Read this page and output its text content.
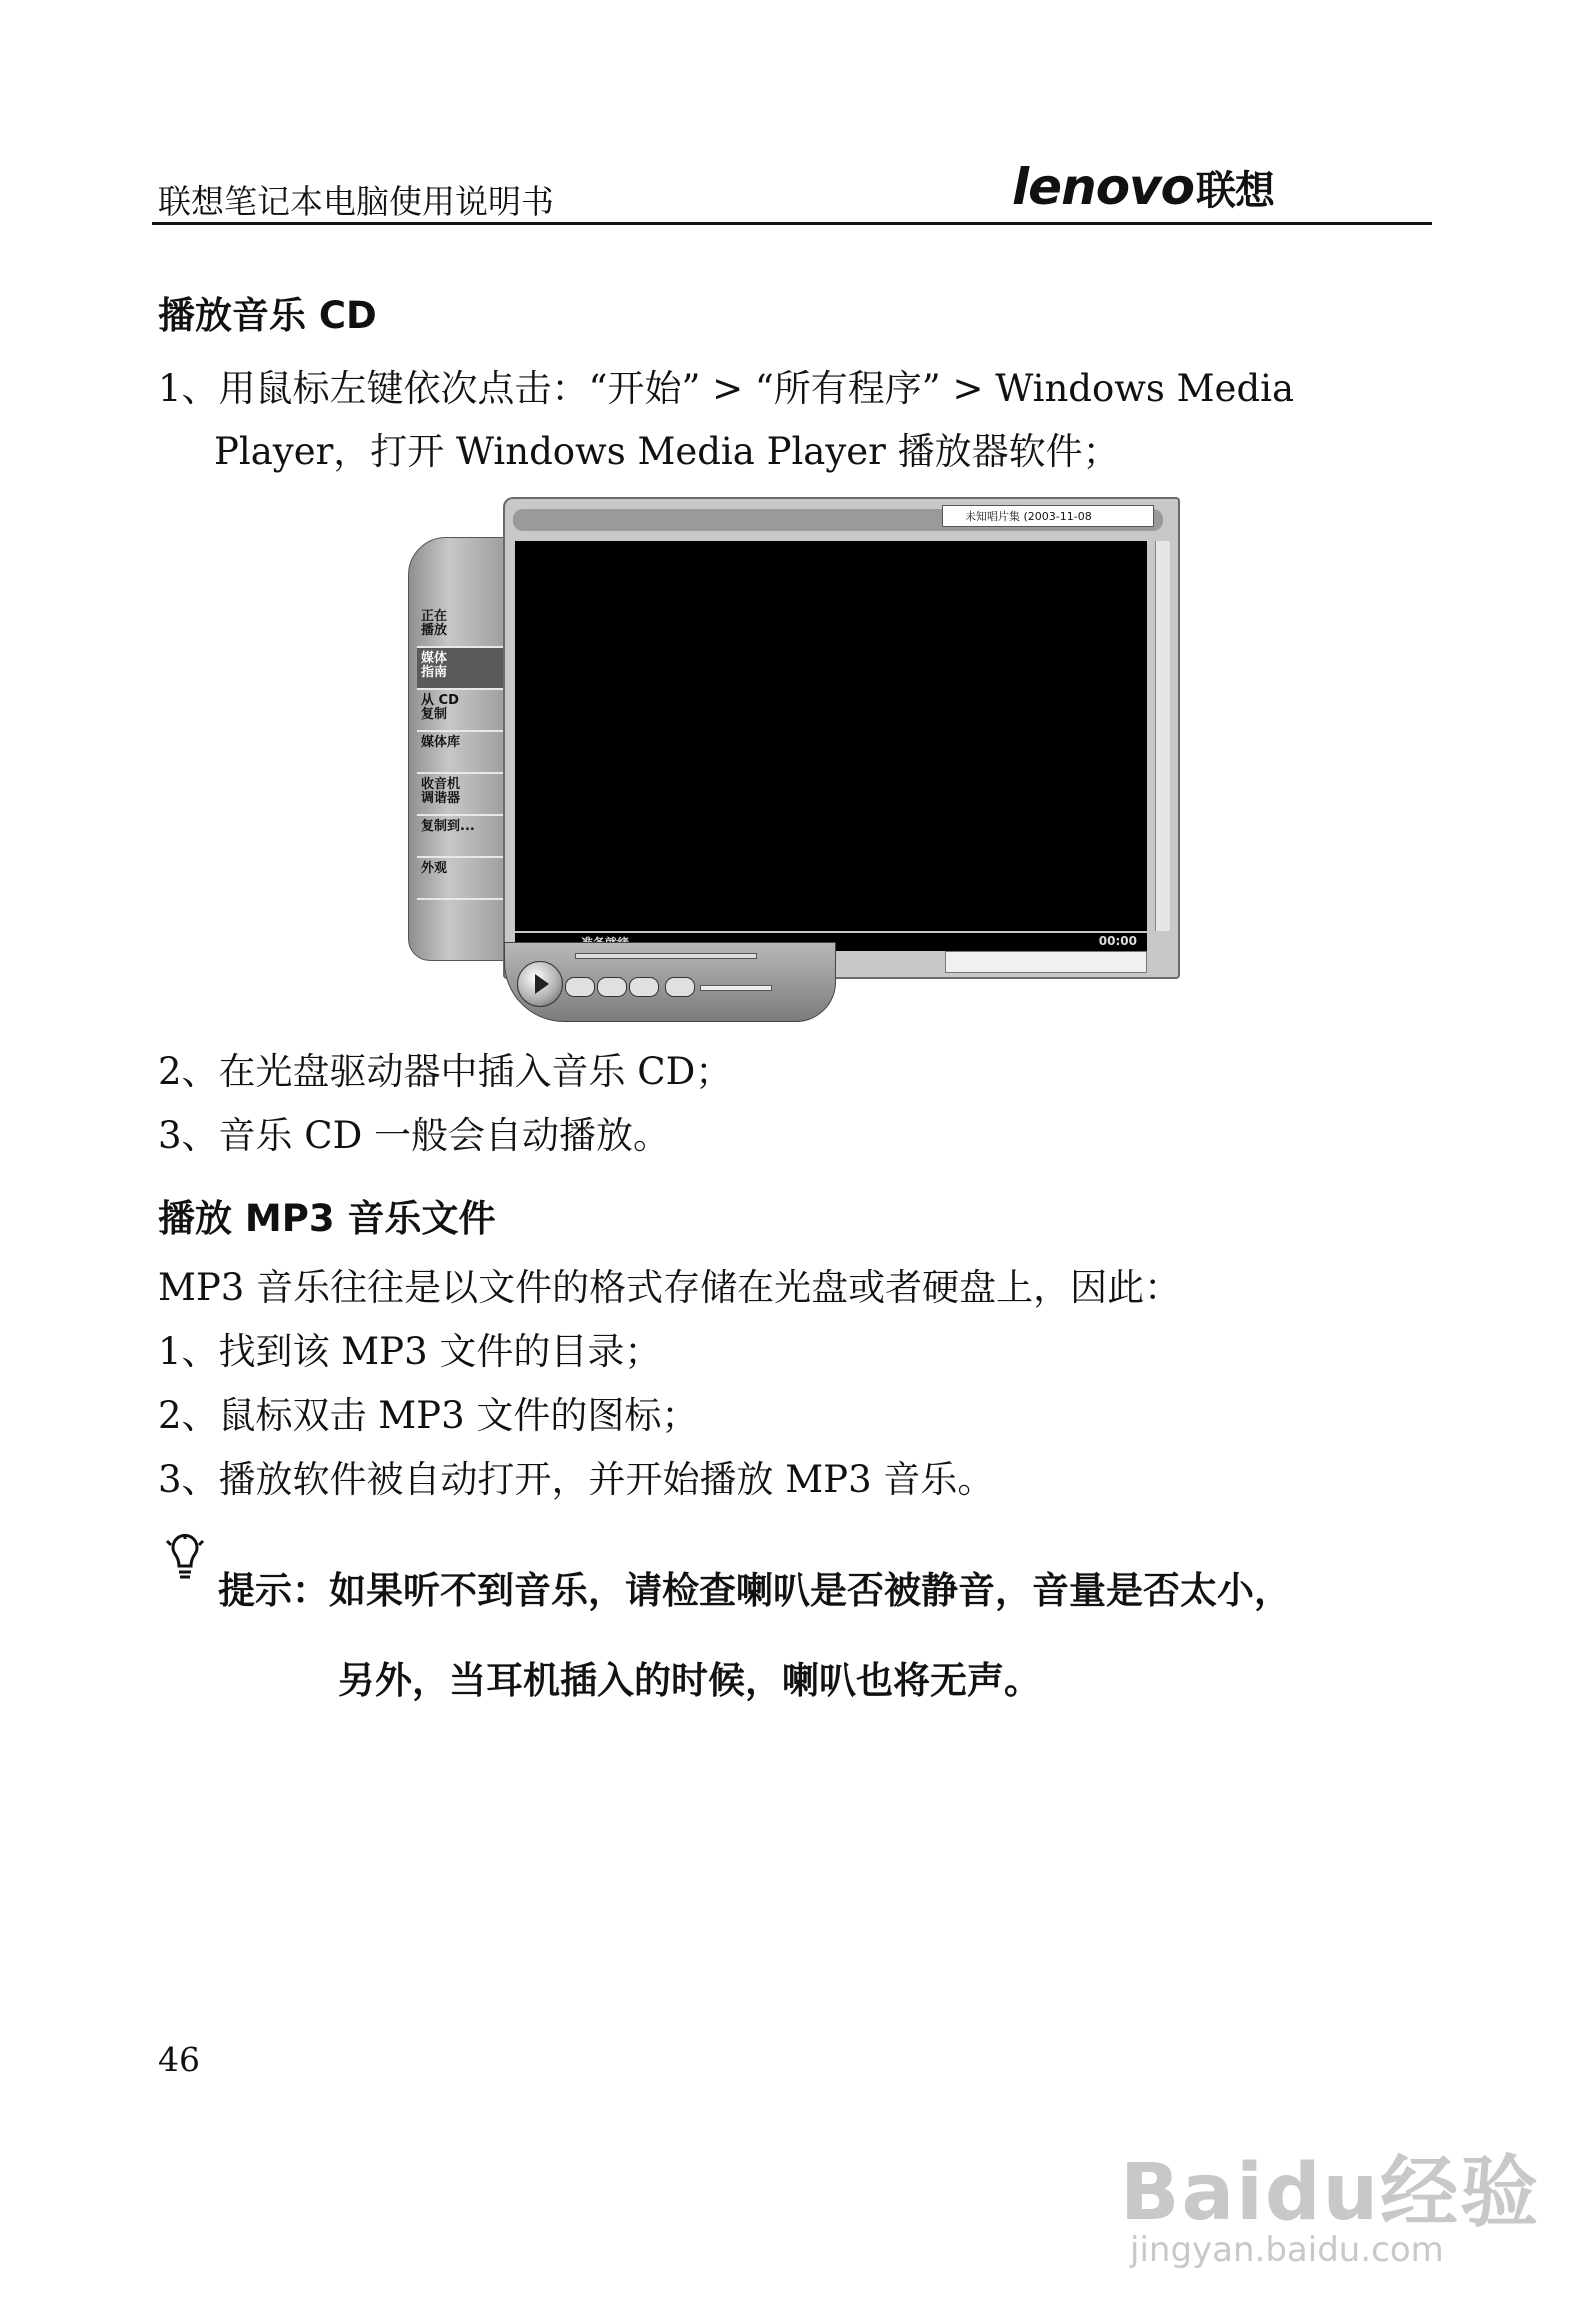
联想笔记本电脑使用说明书	lenovo联想
播放音乐 CD
1、用鼠标左键依次点击：“开始” > “所有程序” > Windows Media
Player，打开 Windows Media Player 播放器软件；
正在
播放
媒体
指南
从 CD
复制
媒体库
收音机
调谐器
复制到...
外观
未知唱片集 (2003-11-08
00:00
2、在光盘驱动器中插入音乐 CD；
3、音乐 CD 一般会自动播放。
播放 MP3 音乐文件
MP3 音乐往往是以文件的格式存储在光盘或者硬盘上，因此：
1、找到该 MP3 文件的目录；
2、鼠标双击 MP3 文件的图标；
3、播放软件被自动打开，并开始播放 MP3 音乐。
提示：如果听不到音乐，请检查喇叭是否被静音，音量是否太小，
另外，当耳机插入的时候，喇叭也将无声。
46
Baidu经验
jingyan.baidu.com
